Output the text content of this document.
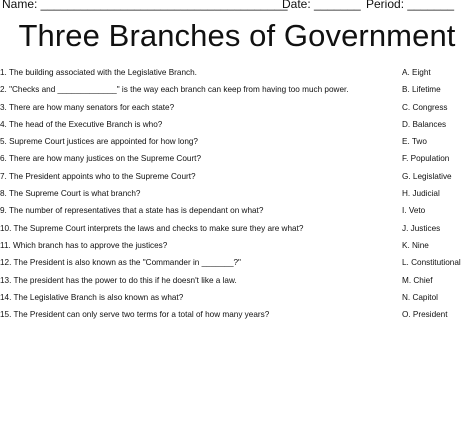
Name: _____________________________________
Date: _______ Period: _______
Three Branches of Government
1. The building associated with the Legislative Branch.	A. Eight
2. "Checks and _____________" is the way each branch can keep from having too much power.	B. Lifetime
3. There are how many senators for each state?	C. Congress
4. The head of the Executive Branch is who?	D. Balances
5. Supreme Court justices are appointed for how long?	E. Two
6. There are how many justices on the Supreme Court?	F. Population
7. The President appoints who to the Supreme Court?	G. Legislative
8. The Supreme Court is what branch?	H. Judicial
9. The number of representatives that a state has is dependant on what?	I. Veto
10. The Supreme Court interprets the laws and checks to make sure they are what?	J. Justices
11. Which branch has to approve the justices?	K. Nine
12. The President is also known as the "Commander in _______?"	L. Constitutional
13. The president has the power to do this if he doesn't like a law.	M. Chief
14. The Legislative Branch is also known as what?	N. Capitol
15. The President can only serve two terms for a total of how many years?	O. President
